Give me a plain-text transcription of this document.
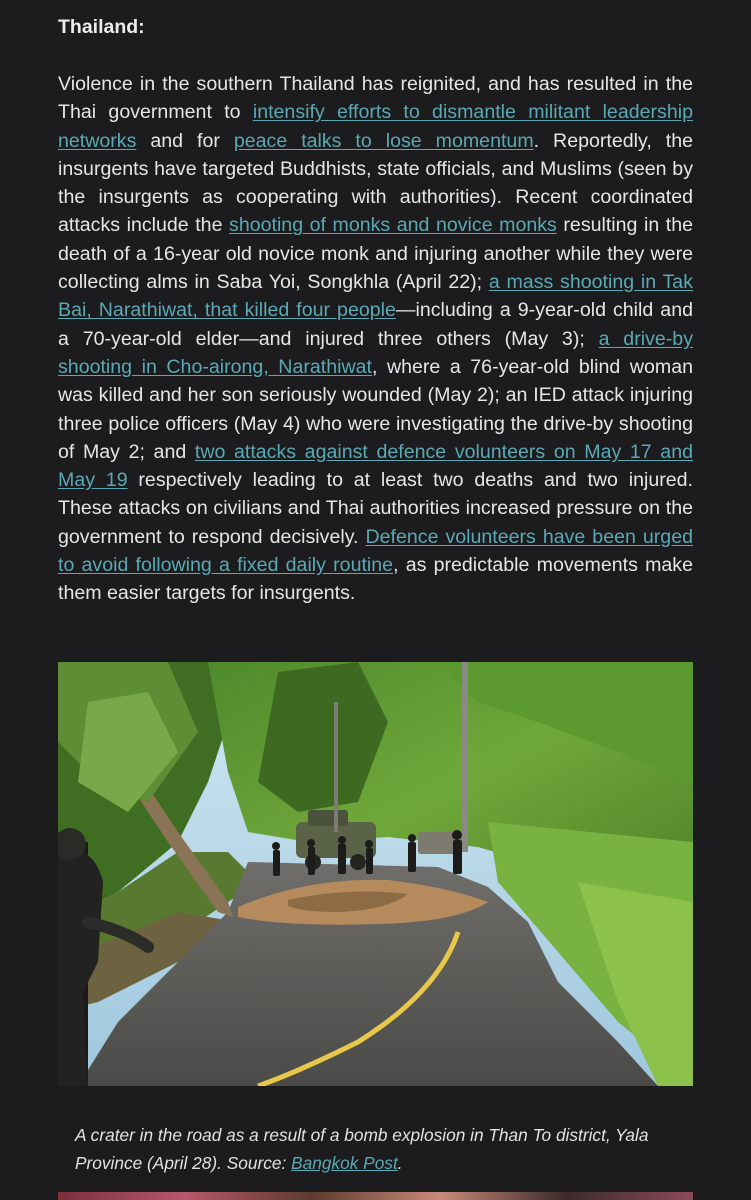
Thailand:

Violence in the southern Thailand has reignited, and has resulted in the Thai government to intensify efforts to dismantle militant leadership networks and for peace talks to lose momentum. Reportedly, the insurgents have targeted Buddhists, state officials, and Muslims (seen by the insurgents as cooperating with authorities). Recent coordinated attacks include the shooting of monks and novice monks resulting in the death of a 16-year old novice monk and injuring another while they were collecting alms in Saba Yoi, Songkhla (April 22); a mass shooting in Tak Bai, Narathiwat, that killed four people—including a 9-year-old child and a 70-year-old elder—and injured three others (May 3); a drive-by shooting in Cho-airong, Narathiwat, where a 76-year-old blind woman was killed and her son seriously wounded (May 2); an IED attack injuring three police officers (May 4) who were investigating the drive-by shooting of May 2; and two attacks against defence volunteers on May 17 and May 19 respectively leading to at least two deaths and two injured. These attacks on civilians and Thai authorities increased pressure on the government to respond decisively. Defence volunteers have been urged to avoid following a fixed daily routine, as predictable movements make them easier targets for insurgents.

A crater in the road as a result of a bomb explosion in Than To district, Yala Province (April 28). Source: Bangkok Post.
